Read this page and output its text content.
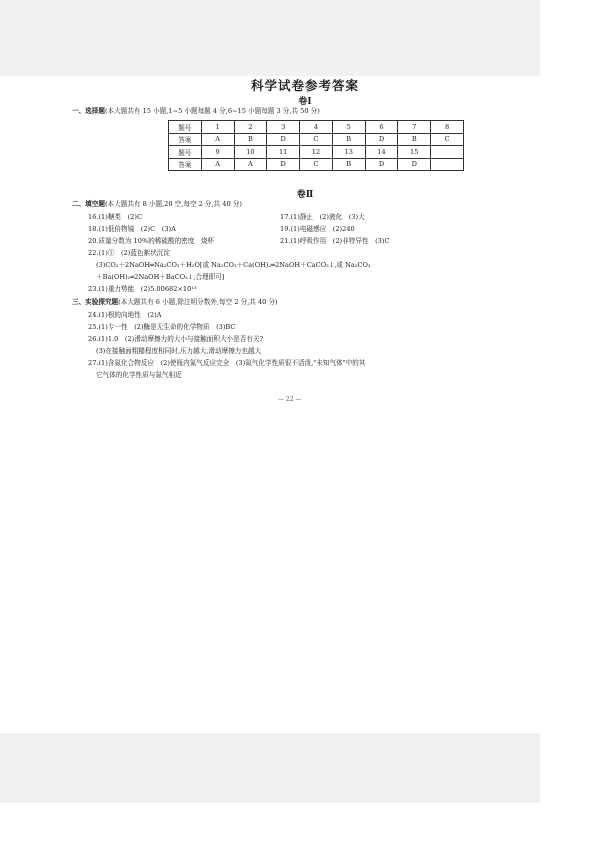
科学试卷参考答案
卷Ⅰ
一、选择题(本大题共有 15 小题,1~5 小题每题 4 分,6~15 小题每题 3 分,共 50 分)
题号	1	2	3	4	5	6	7	8
答案	A	B	D	C	B	D	B	C
题号	9	10	11	12	13	14	15	
答案	A	A	D	C	B	D	D	
卷Ⅱ
二、填空题(本大题共有 8 小题,20 空,每空 2 分,共 40 分)
16.(1)糖类　(2)C	17.(1)静止　(2)液化　(3)大
18.(1)低倍物镜　(2)C　(3)A	19.(1)电磁感应　(2)240
20.质量分数为 10%的稀硫酸的密度　烧杯	21.(1)呼吸作用　(2)非特异性　(3)C
22.(1)①　(2)蓝色絮状沉淀
(3)CO₂＋2NaOH═Na₂CO₃＋H₂O[或 Na₂CO₃＋Ca(OH)₂═2NaOH＋CaCO₃↓,或 Na₂CO₃
＋Ba(OH)₂═2NaOH＋BaCO₃↓,合理即可]
23.(1)重力势能　(2)5.00682×10¹³
三、实验探究题(本大题共有 6 小题,除注明分数外,每空 2 分,共 40 分)
24.(1)根的向地性　(2)A
25.(1)专一性　(2)酶是无生命的化学物质　(3)BC
26.(1)1.0　(2)滑动摩擦力的大小与接触面积大小是否有关?
(3)在接触面粗糙程度相同时,压力越大,滑动摩擦力也越大
27.(1)含氮化合物反应　(2)使瓶内氮气反应完全　(3)氮气化学性质很不活泼,"未知气体"中的其
它气体的化学性质与氮气相近
— 22 —
